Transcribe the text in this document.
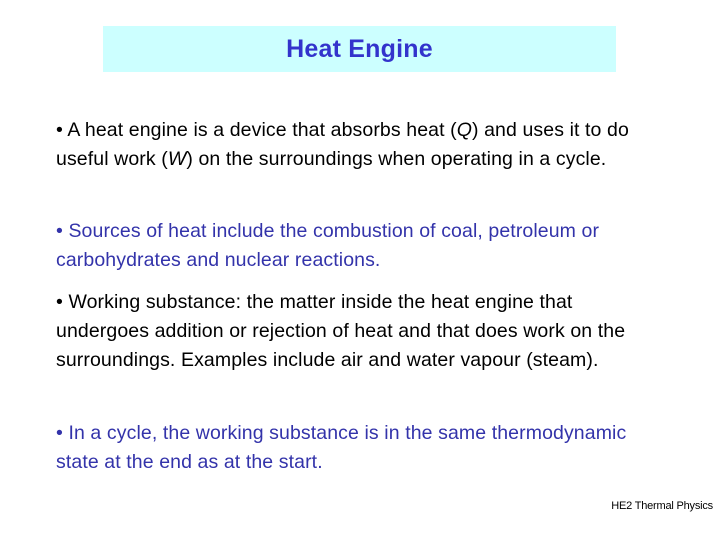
Heat Engine
• A heat engine is a device that absorbs heat (Q) and uses it to do useful work (W) on the surroundings when operating in a cycle.
• Sources of heat include the combustion of coal, petroleum or carbohydrates and nuclear reactions.
• Working substance: the matter inside the heat engine that undergoes addition or rejection of heat and that does work on the surroundings. Examples include air and water vapour (steam).
• In a cycle, the working substance is in the same thermodynamic state at the end as at the start.
HE2 Thermal Physics
